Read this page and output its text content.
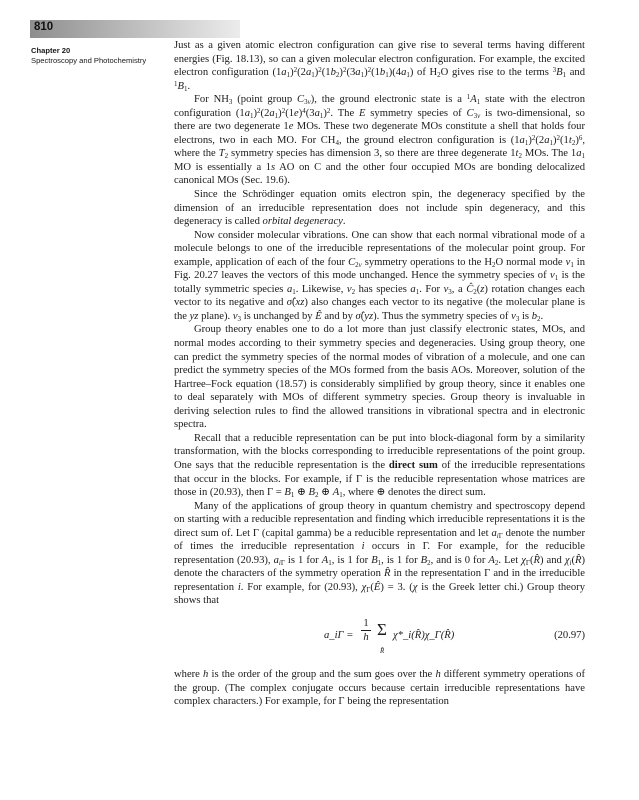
810
Chapter 20
Spectroscopy and Photochemistry

Just as a given atomic electron configuration can give rise to several terms having different energies (Fig. 18.13), so can a given molecular electron configuration. For example, the excited electron configuration $(1a_1)^2(2a_1)^2(1b_2)^2(3a_1)^2(1b_1)(4a_1)$ of $H_2O$ gives rise to the terms $^3B_1$ and $^1B_1$.

For $NH_3$ (point group $C_{3v}$), the ground electronic state is a $^1A_1$ state with the electron configuration $(1a_1)^2(2a_1)^2(1e)^4(3a_1)^2$. The E symmetry species of $C_{3v}$ is two-dimensional, so there are two degenerate 1e MOs. These two degenerate MOs constitute a shell that holds four electrons, two in each MO. For $CH_4$, the ground electron configuration is $(1a_1)^2(2a_1)^2(1t_2)^6$, where the $T_2$ symmetry species has dimension 3, so there are three degenerate $1t_2$ MOs. The $1a_1$ MO is essentially a 1s AO on C and the other four occupied MOs are bonding delocalized canonical MOs (Sec. 19.6).

Since the Schrödinger equation omits electron spin, the degeneracy specified by the dimension of an irreducible representation does not include spin degeneracy, and this degeneracy is called orbital degeneracy.

Now consider molecular vibrations. One can show that each normal vibrational mode of a molecule belongs to one of the irreducible representations of the molecular point group. For example, application of each of the four $C_{2v}$ symmetry operations to the $H_2O$ normal mode $\nu_1$ in Fig. 20.27 leaves the vectors of this mode unchanged. Hence the symmetry species of $\nu_1$ is the totally symmetric species $a_1$. Likewise, $\nu_2$ has species $a_1$. For $\nu_3$, a $Ĉ_2(z)$ rotation changes each vector to its negative and σ̂(xz) also changes each vector to its negative (the molecular plane is the yz plane). $\nu_3$ is unchanged by Ê and by σ̂(yz). Thus the symmetry species of $\nu_3$ is $b_2$.

Group theory enables one to do a lot more than just classify electronic states, MOs, and normal modes according to their symmetry species and degeneracies. Using group theory, one can predict the symmetry species of the normal modes of vibration of a molecule, and one can predict the symmetry species of the MOs formed from the basis AOs. Moreover, solution of the Hartree–Fock equation (18.57) is considerably simplified by group theory, since it enables one to deal separately with MOs of different symmetry species. Group theory is invaluable in deriving selection rules to find the allowed transitions in vibrational spectra and in electronic spectra.

Recall that a reducible representation can be put into block-diagonal form by a similarity transformation, with the blocks corresponding to irreducible representations of the point group. One says that the reducible representation is the direct sum of the irreducible representations that occur in the blocks. For example, if Γ is the reducible representation whose matrices are those in (20.93), then $\Gamma = B_1$ ⊕ $B_2$ ⊕ $A_1$, where ⊕ denotes the direct sum.

Many of the applications of group theory in quantum chemistry and spectroscopy depend on starting with a reducible representation and finding which irreducible representations it is the direct sum of. Let Γ (capital gamma) be a reducible representation and let $a_{i\Gamma}$ denote the number of times the irreducible representation i occurs in Γ. For example, for the reducible representation (20.93), $a_{i\Gamma}$ is 1 for $A_1$, is 1 for $B_1$, is 1 for $B_2$, and is 0 for $A_2$. Let $\chi_\Gamma(R̂)$ and $\chi_i(R̂)$ denote the characters of the symmetry operation R̂ in the representation Γ and in the irreducible representation i. For example, for (20.93), $\chi_\Gamma(Ê) = 3$. (χ is the Greek letter chi.) Group theory shows that

a_iΓ = $\frac{1}{h}$ Σ
R̂
χ*_i(R̂)χ_Γ(R̂)	(20.97)

where h is the order of the group and the sum goes over the h different symmetry operations of the group. (The complex conjugate occurs because certain irreducible representations have complex characters.) For example, for Γ being the representation
